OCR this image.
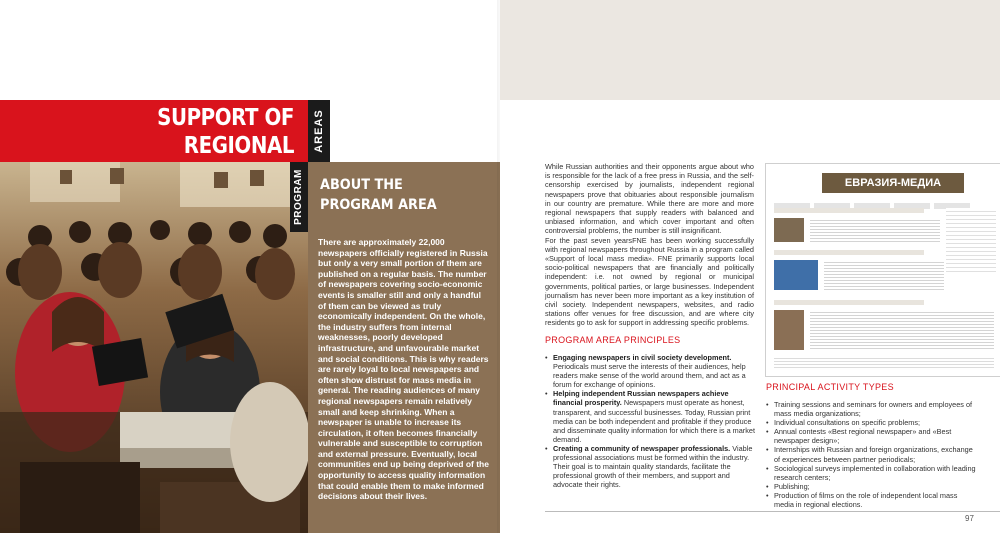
SUPPORT OF REGIONAL	AREAS
PROGRAM ABOUT THE
PROGRAM AREA
There are approximately 22,000 newspapers officially registered in Russia but only a very small portion of them are published on a regular basis. The number of newspapers covering socio-economic events is smaller still and only a handful of them can be viewed as truly economically independent. On the whole, the industry suffers from internal weaknesses, poorly developed infrastructure, and unfavourable market and social conditions. This is why readers are rarely loyal to local newspapers and often show distrust for mass media in general. The reading audiences of many regional newspapers remain relatively small and keep shrinking. When a newspaper is unable to increase its circulation, it often becomes financially vulnerable and susceptible to corruption and external pressure. Eventually, local communities end up being deprived of the opportunity to access quality information that could enable them to make informed decisions about their lives.

While Russian authorities and their opponents argue about who is responsible for the lack of a free press in Russia, and the self-censorship exercised by journalists, independent regional newspapers prove that obituaries about responsible journalism in our country are premature. While there are more and more regional newspapers that supply readers with balanced and unbiased information, and which cover important and often controversial problems, the number is still insignificant.

For the past seven yearsFNE has been working successfully with regional newspapers throughout Russia in a program called «Support of local mass media». FNE primarily supports local socio-political newspapers that are financially and politically independent: i.e. not owned by regional or municipal governments, political parties, or large businesses. Independent journalism has never been more important as a key institution of civil society. Independent newspapers, websites, and radio stations offer venues for free discussion, and are where city residents go to ask for support in addressing specific problems.

PROGRAM AREA PRINCIPLES
• Engaging newspapers in civil society development. Periodicals must serve the interests of their audiences, help readers make sense of the world around them, and act as a forum for exchange of opinions.
• Helping independent Russian newspapers achieve financial prosperity. Newspapers must operate as honest, transparent, and successful businesses. Today, Russian print media can be both independent and profitable if they produce and disseminate quality information for which there is a market demand.
• Creating a community of newspaper professionals. Viable professional associations must be formed within the industry. Their goal is to maintain quality standards, facilitate the professional growth of their members, and support and advocate their rights.
ЕВРАЗИЯ-МЕДИА
PRINCIPAL ACTIVITY TYPES
• Training sessions and seminars for owners and employees of mass media organizations;
• Individual consultations on specific problems;
• Annual contests «Best regional newspaper» and «Best newspaper design»;
• Internships with Russian and foreign organizations, exchange of experiences between partner periodicals;
• Sociological surveys implemented in collaboration with leading research centers;
• Publishing;
• Production of films on the role of independent local mass media in regional elections.
97
